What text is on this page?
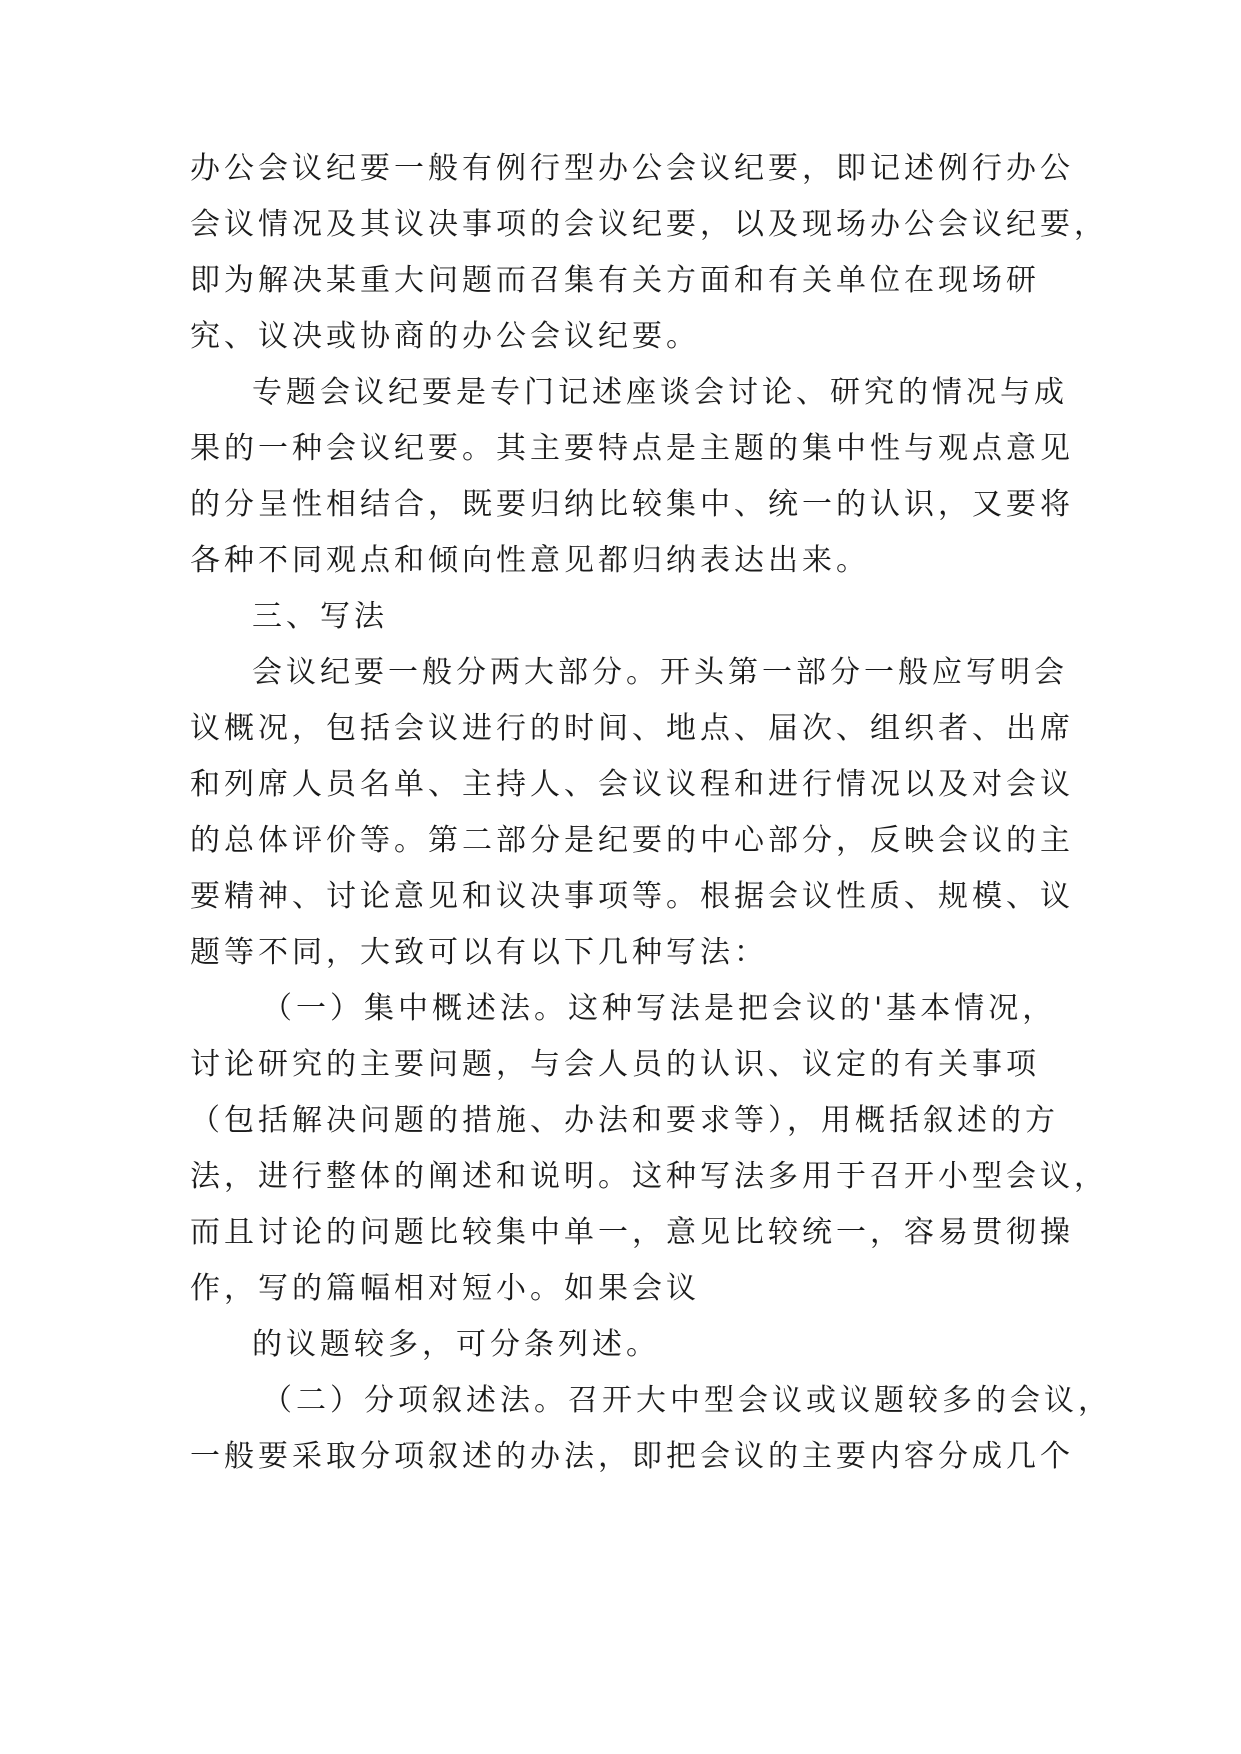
办公会议纪要一般有例行型办公会议纪要，即记述例行办公
会议情况及其议决事项的会议纪要，以及现场办公会议纪要，
即为解决某重大问题而召集有关方面和有关单位在现场研
究、议决或协商的办公会议纪要。
专题会议纪要是专门记述座谈会讨论、研究的情况与成
果的一种会议纪要。其主要特点是主题的集中性与观点意见
的分呈性相结合，既要归纳比较集中、统一的认识，又要将
各种不同观点和倾向性意见都归纳表达出来。
三、写法
会议纪要一般分两大部分。开头第一部分一般应写明会
议概况，包括会议进行的时间、地点、届次、组织者、出席
和列席人员名单、主持人、会议议程和进行情况以及对会议
的总体评价等。第二部分是纪要的中心部分，反映会议的主
要精神、讨论意见和议决事项等。根据会议性质、规模、议
题等不同，大致可以有以下几种写法：
（一）集中概述法。这种写法是把会议的'基本情况，
讨论研究的主要问题，与会人员的认识、议定的有关事项
（包括解决问题的措施、办法和要求等），用概括叙述的方
法，进行整体的阐述和说明。这种写法多用于召开小型会议，
而且讨论的问题比较集中单一，意见比较统一，容易贯彻操
作，写的篇幅相对短小。如果会议
的议题较多，可分条列述。
（二）分项叙述法。召开大中型会议或议题较多的会议，
一般要采取分项叙述的办法，即把会议的主要内容分成几个
